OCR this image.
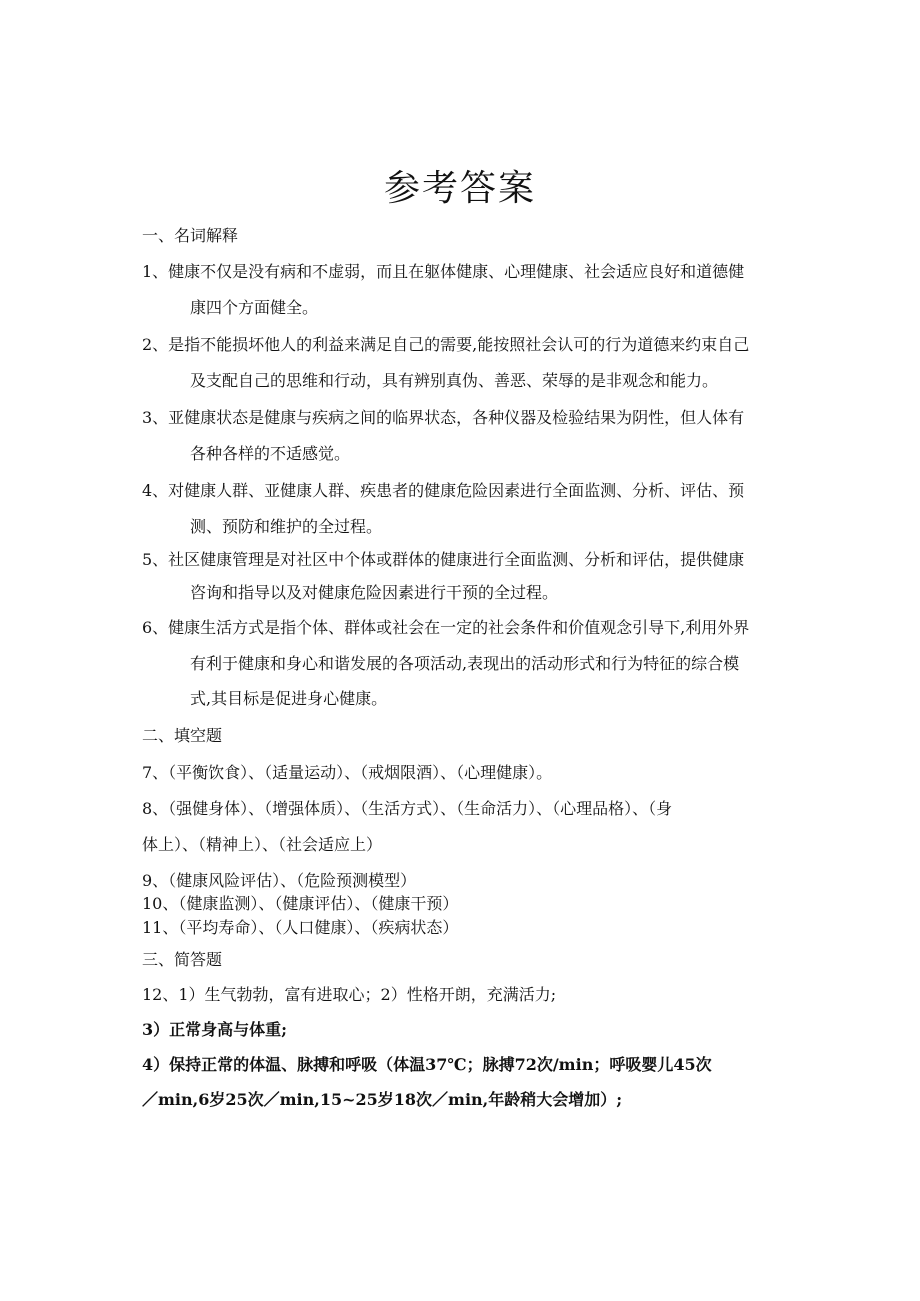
参考答案
一、名词解释
1、健康不仅是没有病和不虚弱，而且在躯体健康、心理健康、社会适应良好和道德健
康四个方面健全。
2、是指不能损坏他人的利益来满足自己的需要,能按照社会认可的行为道德来约束自己
及支配自己的思维和行动，具有辨别真伪、善恶、荣辱的是非观念和能力。
3、亚健康状态是健康与疾病之间的临界状态，各种仪器及检验结果为阴性，但人体有
各种各样的不适感觉。
4、对健康人群、亚健康人群、疾患者的健康危险因素进行全面监测、分析、评估、预
测、预防和维护的全过程。
5、社区健康管理是对社区中个体或群体的健康进行全面监测、分析和评估，提供健康
咨询和指导以及对健康危险因素进行干预的全过程。
6、健康生活方式是指个体、群体或社会在一定的社会条件和价值观念引导下,利用外界
有利于健康和身心和谐发展的各项活动,表现出的活动形式和行为特征的综合模
式,其目标是促进身心健康。
二、填空题
7、（平衡饮食）、（适量运动）、（戒烟限酒）、（心理健康）。
8、（强健身体）、（增强体质）、（生活方式）、（生命活力）、（心理品格）、（身
体上）、（精神上）、（社会适应上）
9、（健康风险评估）、（危险预测模型）
10、（健康监测）、（健康评估）、（健康干预）
11、（平均寿命）、（人口健康）、（疾病状态）
三、简答题
12、1）生气勃勃，富有进取心；2）性格开朗，充满活力;
3）正常身高与体重;
4）保持正常的体温、脉搏和呼吸（体温37℃；脉搏72次/min；呼吸婴儿45次
／min,6岁25次／min,15~25岁18次／min,年龄稍大会增加）;
